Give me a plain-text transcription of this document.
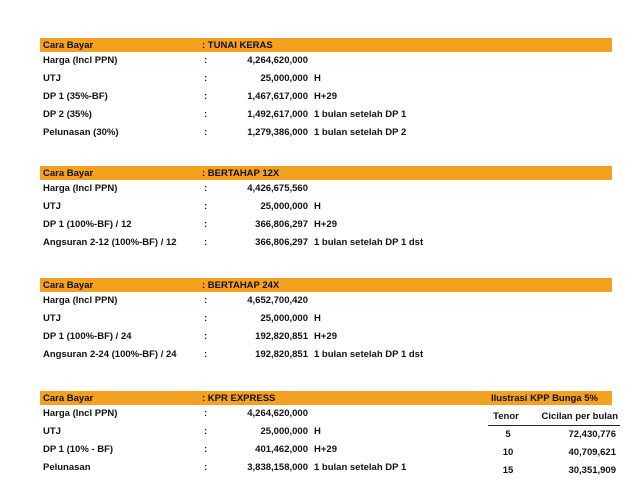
Cara Bayar	: TUNAI KERAS
Harga (Incl PPN)	:	4,264,620,000
UTJ	:	25,000,000 H
DP 1 (35%-BF)	:	1,467,617,000 H+29
DP 2 (35%)	:	1,492,617,000 1 bulan setelah DP 1
Pelunasan (30%)	:	1,279,386,000 1 bulan setelah DP 2
Cara Bayar	: BERTAHAP 12X
Harga (Incl PPN)	:	4,426,675,560
UTJ	:	25,000,000 H
DP 1 (100%-BF) / 12	:	366,806,297 H+29
Angsuran 2-12 (100%-BF) / 12	:	366,806,297 1 bulan setelah DP 1 dst
Cara Bayar	: BERTAHAP 24X
Harga (Incl PPN)	:	4,652,700,420
UTJ	:	25,000,000 H
DP 1 (100%-BF) / 24	:	192,820,851 H+29
Angsuran 2-24 (100%-BF) / 24	:	192,820,851 1 bulan setelah DP 1 dst
Cara Bayar	: KPR EXPRESS	Ilustrasi KPP Bunga 5%
Harga (Incl PPN)	:	4,264,620,000
UTJ	:	25,000,000 H
DP 1 (10% - BF)	:	401,462,000 H+29
Pelunasan	:	3,838,158,000 1 bulan setelah DP 1
Tenor Cicilan per bulan
5	72,430,776
10	40,709,621
15	30,351,909
